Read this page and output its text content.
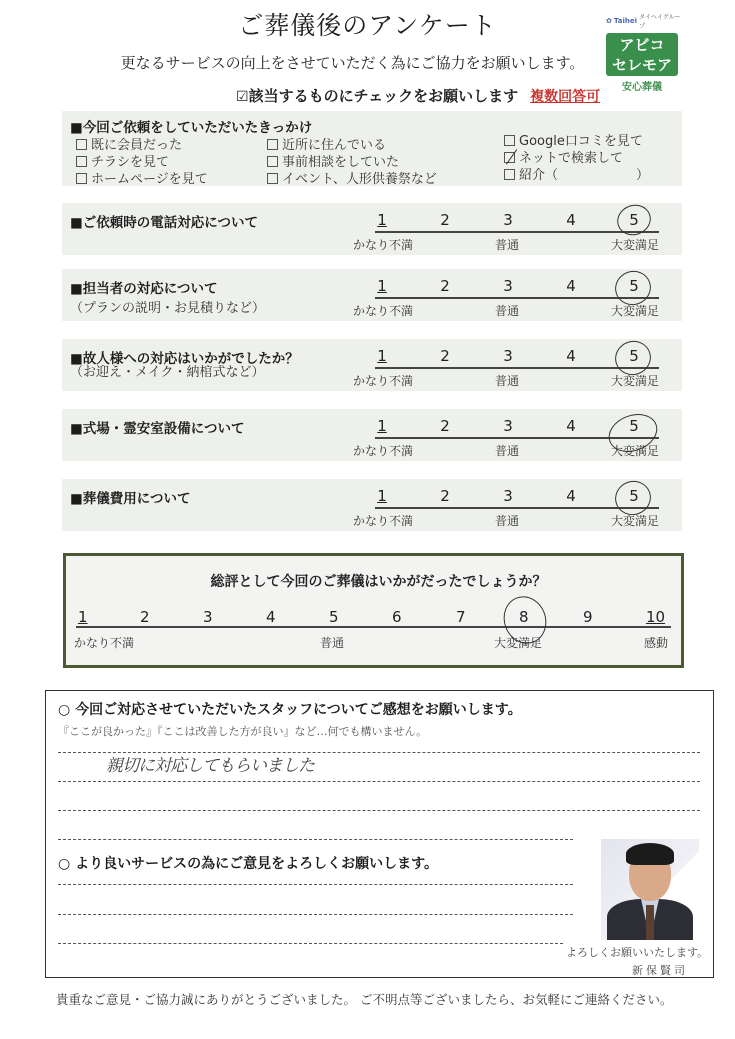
ご葬儀後のアンケート
更なるサービスの向上をさせていただく為にご協力をお願いします。
☑該当するものにチェックをお願いします 複数回答可
✿ Taihei タイヘイグループ
アビコ
セレモア
安心葬儀
■今回ご依頼をしていただいたきっかけ
既に会員だった
チラシを見て
ホームページを見て
近所に住んでいる
事前相談をしていた
イベント、人形供養祭など
Google口コミを見て
ネットで検索して
紹介（　　　　　　）
■ご依頼時の電話対応について	1	2	3	4	5
かなり不満	普通	大変満足
■担当者の対応について
（プランの説明・お見積りなど）
1	2	3	4	5
かなり不満	普通	大変満足
■故人様への対応はいかがでしたか？
（お迎え・メイク・納棺式など）
1	2	3	4	5
かなり不満	普通	大変満足
■式場・霊安室設備について	1	2	3	4	5
かなり不満	普通	大変満足
■葬儀費用について	1	2	3	4	5
かなり不満	普通	大変満足
総評として今回のご葬儀はいかがだったでしょうか？
1	2	3	4	5	6	7	8	9	10
かなり不満	普通	大変満足	感動
○ 今回ご対応させていただいたスタッフについてご感想をお願いします。
『ここが良かった』『ここは改善した方が良い』など…何でも構いません。
親切に対応してもらいました
○ より良いサービスの為にご意見をよろしくお願いします。
よろしくお願いいたします。
新保賢司
貴重なご意見・ご協力誠にありがとうございました。 ご不明点等ございましたら、お気軽にご連絡ください。
